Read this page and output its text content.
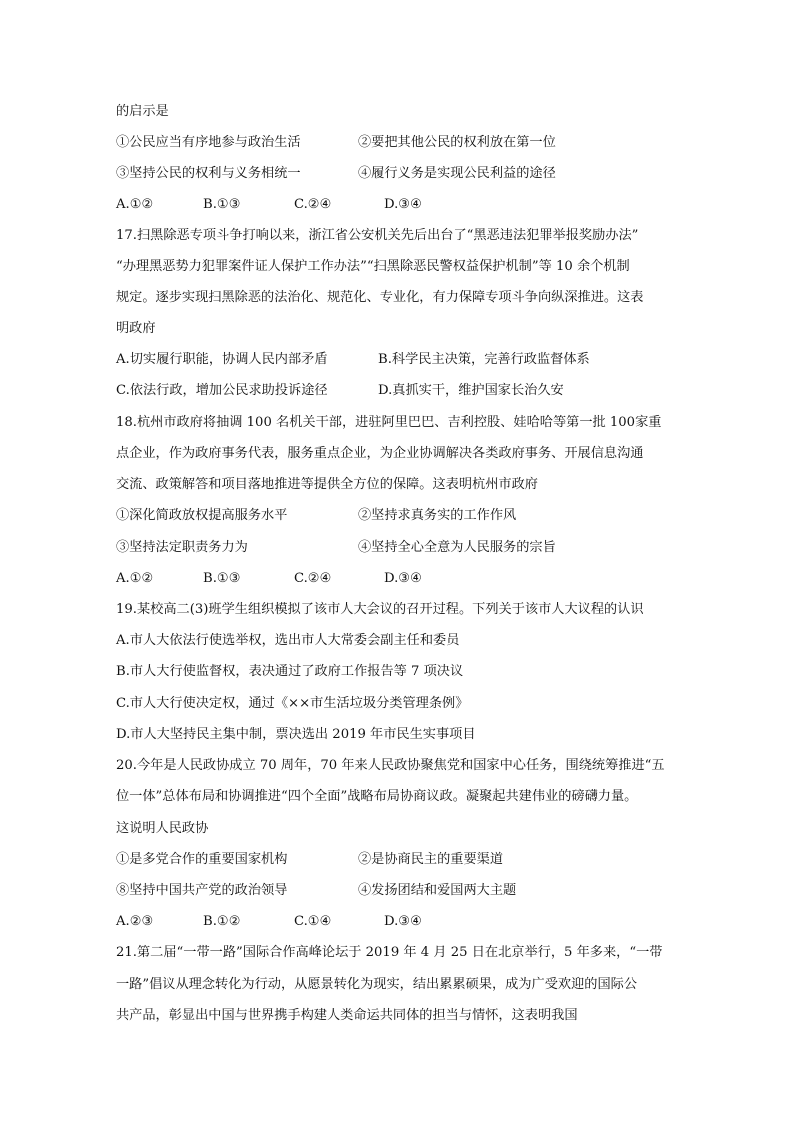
的启示是
①公民应当有序地参与政治生活	②要把其他公民的权利放在第一位
③坚持公民的权利与义务相统一	④履行义务是实现公民利益的途径
A.①②	B.①③	C.②④	D.③④
17.扫黑除恶专项斗争打响以来，浙江省公安机关先后出台了“黑恶违法犯罪举报奖励办法”
“办理黑恶势力犯罪案件证人保护工作办法”“扫黑除恶民警权益保护机制”等 10 余个机制
规定。逐步实现扫黑除恶的法治化、规范化、专业化，有力保障专项斗争向纵深推进。这表
明政府
A.切实履行职能，协调人民内部矛盾	B.科学民主决策，完善行政监督体系
C.依法行政，增加公民求助投诉途径	D.真抓实干，维护国家长治久安
18.杭州市政府将抽调 100 名机关干部，进驻阿里巴巴、吉利控股、娃哈哈等第一批 100家重
点企业，作为政府事务代表，服务重点企业，为企业协调解决各类政府事务、开展信息沟通
交流、政策解答和项目落地推进等提供全方位的保障。这表明杭州市政府
①深化简政放权提高服务水平	②坚持求真务实的工作作风
③坚持法定职责务力为	④坚持全心全意为人民服务的宗旨
A.①②	B.①③	C.②④	D.③④
19.某校高二(3)班学生组织模拟了该市人大会议的召开过程。下列关于该市人大议程的认识
A.市人大依法行使选举权，选出市人大常委会副主任和委员
B.市人大行使监督权，表决通过了政府工作报告等 7 项决议
C.市人大行使决定权，通过《××市生活垃圾分类管理条例》
D.市人大坚持民主集中制，票决选出 2019 年市民生实事项目
20.今年是人民政协成立 70 周年，70 年来人民政协聚焦党和国家中心任务，围绕统筹推进“五
位一体”总体布局和协调推进“四个全面”战略布局协商议政。凝聚起共建伟业的磅礴力量。
这说明人民政协
①是多党合作的重要国家机构	②是协商民主的重要渠道
⑧坚持中国共产党的政治领导	④发扬团结和爱国两大主题
A.②③	B.①②	C.①④	D.③④
21.第二届“一带一路”国际合作高峰论坛于 2019 年 4 月 25 日在北京举行，5 年多来，“一带
一路”倡议从理念转化为行动，从愿景转化为现实，结出累累硕果，成为广受欢迎的国际公
共产品，彰显出中国与世界携手构建人类命运共同体的担当与情怀，这表明我国
